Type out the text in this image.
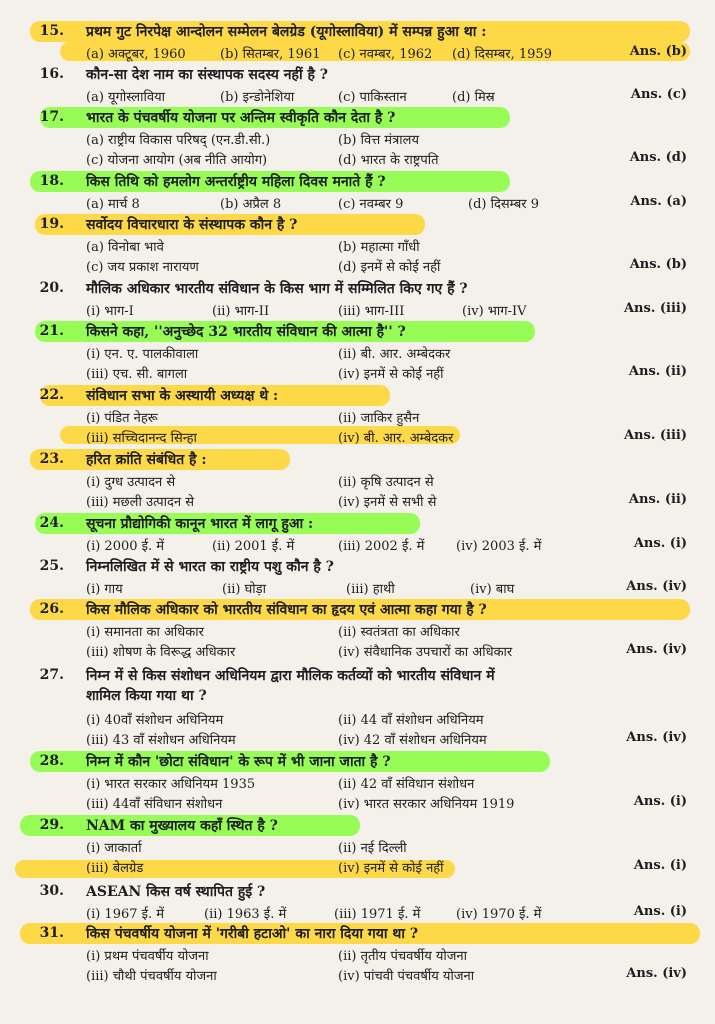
15. प्रथम गुट निरपेक्ष आन्दोलन सम्मेलन बेलग्रेड (यूगोस्लाविया) में सम्पन्न हुआ था :
(a) अक्टूबर, 1960	(b) सितम्बर, 1961 (c) नवम्बर, 1962 (d) दिसम्बर, 1959	Ans. (b)
16. कौन-सा देश नाम का संस्थापक सदस्य नहीं है ?
(a) यूगोस्लाविया	(b) इन्डोनेशिया	(c) पाकिस्तान	(d) मिस्र	Ans. (c)
17. भारत के पंचवर्षीय योजना पर अन्तिम स्वीकृति कौन देता है ?
(a) राष्ट्रीय विकास परिषद् (एन.डी.सी.)	(b) वित्त मंत्रालय
(c) योजना आयोग (अब नीति आयोग)	(d) भारत के राष्ट्रपति	Ans. (d)
18. किस तिथि को हमलोग अन्तर्राष्ट्रीय महिला दिवस मनाते हैं ?
(a) मार्च 8	(b) अप्रैल 8	(c) नवम्बर 9	(d) दिसम्बर 9	Ans. (a)
19. सर्वोदय विचारधारा के संस्थापक कौन है ?
(a) विनोबा भावे	(b) महात्मा गाँधी
(c) जय प्रकाश नारायण	(d) इनमें से कोई नहीं	Ans. (b)
20. मौलिक अधिकार भारतीय संविधान के किस भाग में सम्मिलित किए गए हैं ?
(i) भाग-I	(ii) भाग-II	(iii) भाग-III	(iv) भाग-IV	Ans. (iii)
21. किसने कहा, ''अनुच्छेद 32 भारतीय संविधान की आत्मा है'' ?
(i) एन. ए. पालकीवाला	(ii) बी. आर. अम्बेदकर
(iii) एच. सी. बागला	(iv) इनमें से कोई नहीं	Ans. (ii)
22. संविधान सभा के अस्थायी अध्यक्ष थे :
(i) पंडित नेहरू	(ii) जाकिर हुसैन
(iii) सच्चिदानन्द सिन्हा	(iv) बी. आर. अम्बेदकर	Ans. (iii)
23. हरित क्रांति संबंधित है :
(i) दुग्ध उत्पादन से	(ii) कृषि उत्पादन से
(iii) मछली उत्पादन से	(iv) इनमें से सभी से	Ans. (ii)
24. सूचना प्रौद्योगिकी कानून भारत में लागू हुआ :
(i) 2000 ई. में	(ii) 2001 ई. में	(iii) 2002 ई. में (iv) 2003 ई. में	Ans. (i)
25. निम्नलिखित में से भारत का राष्ट्रीय पशु कौन है ?
(i) गाय	(ii) घोड़ा	(iii) हाथी	(iv) बाघ	Ans. (iv)
26. किस मौलिक अधिकार को भारतीय संविधान का हृदय एवं आत्मा कहा गया है ?
(i) समानता का अधिकार	(ii) स्वतंत्रता का अधिकार
(iii) शोषण के विरूद्ध अधिकार	(iv) संवैधानिक उपचारों का अधिकार	Ans. (iv)
27. निम्न में से किस संशोधन अधिनियम द्वारा मौलिक कर्तव्यों को भारतीय संविधान में
शामिल किया गया था ?
(i) 40वाँ संशोधन अधिनियम	(ii) 44 वाँ संशोधन अधिनियम
(iii) 43 वाँ संशोधन अधिनियम	(iv) 42 वाँ संशोधन अधिनियम	Ans. (iv)
28. निम्न में कौन 'छोटा संविधान' के रूप में भी जाना जाता है ?
(i) भारत सरकार अधिनियम 1935	(ii) 42 वाँ संविधान संशोधन
(iii) 44वाँ संविधान संशोधन	(iv) भारत सरकार अधिनियम 1919	Ans. (i)
29. NAM का मुख्यालय कहाँ स्थित है ?
(i) जाकार्ता	(ii) नई दिल्ली
(iii) बेलग्रेड	(iv) इनमें से कोई नहीं	Ans. (i)
30. ASEAN किस वर्ष स्थापित हुई ?
(i) 1967 ई. में	(ii) 1963 ई. में	(iii) 1971 ई. में	(iv) 1970 ई. में	Ans. (i)
31. किस पंचवर्षीय योजना में 'गरीबी हटाओ' का नारा दिया गया था ?
(i) प्रथम पंचवर्षीय योजना	(ii) तृतीय पंचवर्षीय योजना
(iii) चौथी पंचवर्षीय योजना	(iv) पांचवी पंचवर्षीय योजना	Ans. (iv)
